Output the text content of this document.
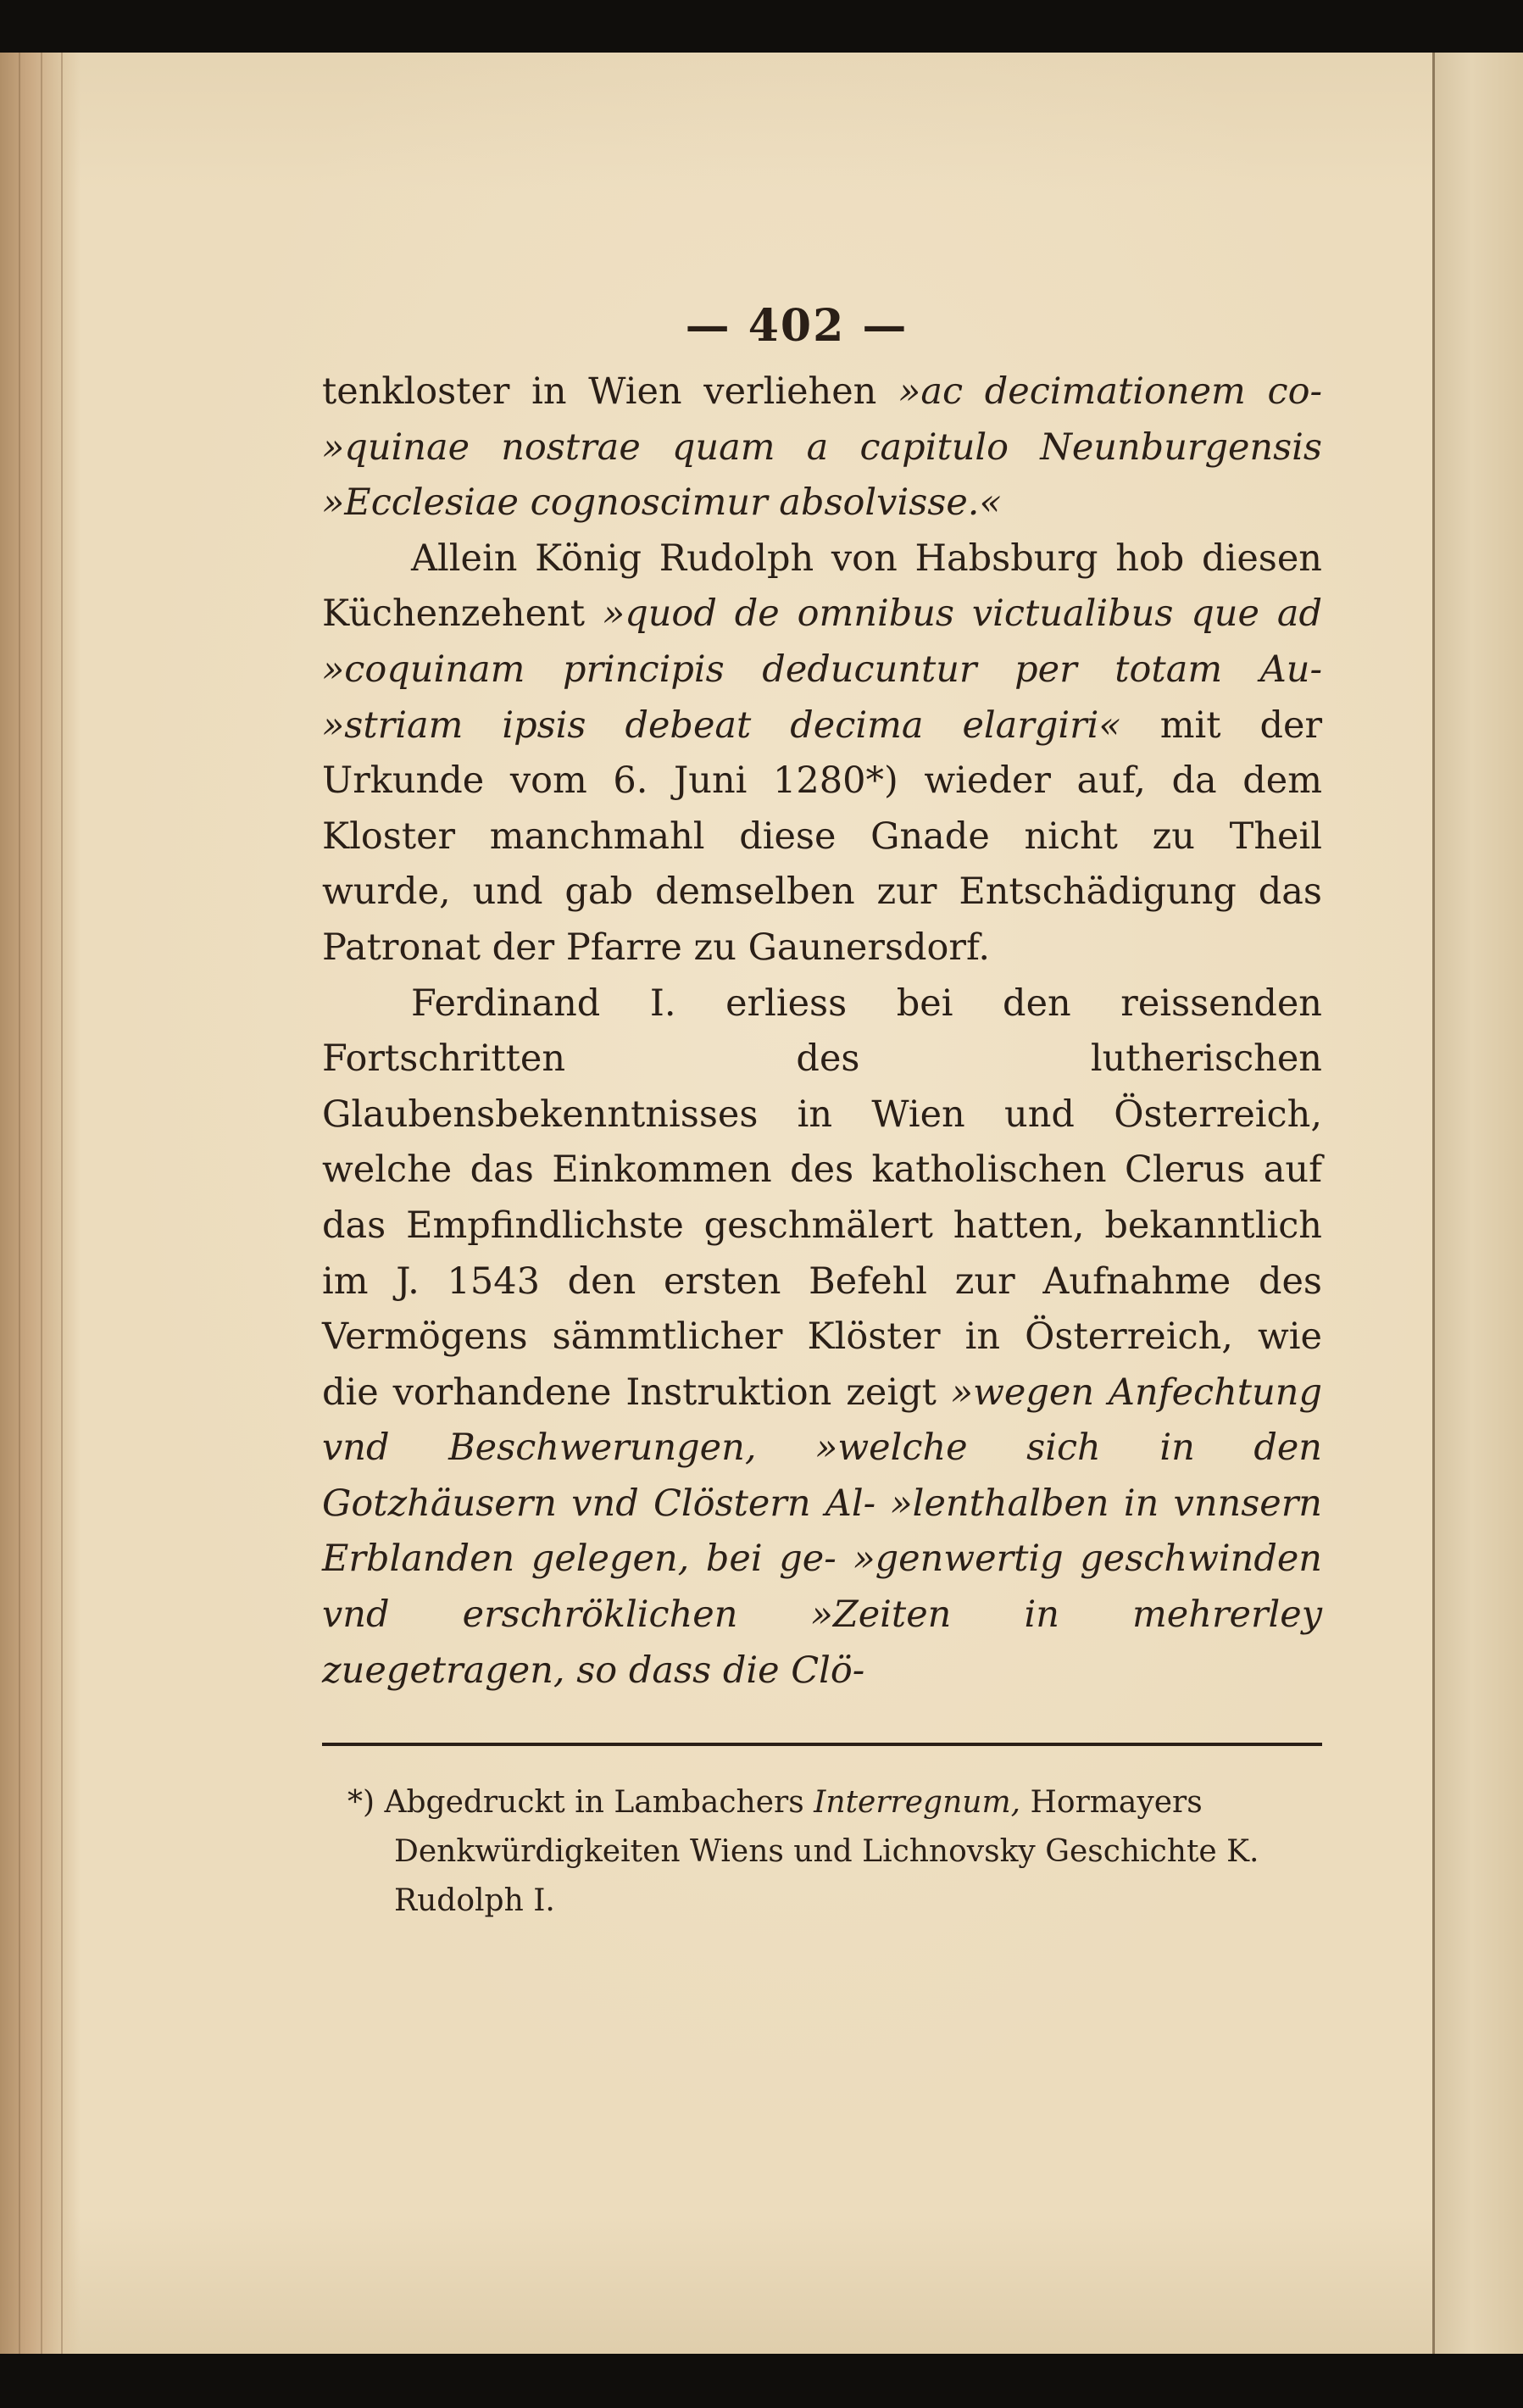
— 402 —

tenkloster in Wien verliehen »ac decimationem co- »quinae nostrae quam a capitulo Neunburgensis »Ecclesiae cognoscimur absolvisse.«

Allein König Rudolph von Habsburg hob diesen Küchenzehent »quod de omnibus victualibus que ad »coquinam principis deducuntur per totam Au- »striam ipsis debeat decima elargiri« mit der Urkunde vom 6. Juni 1280*) wieder auf, da dem Kloster manchmahl diese Gnade nicht zu Theil wurde, und gab demselben zur Entschädigung das Patronat der Pfarre zu Gaunersdorf.

Ferdinand I. erliess bei den reissenden Fortschritten des lutherischen Glaubensbekenntnisses in Wien und Österreich, welche das Einkommen des katholischen Clerus auf das Empfindlichste geschmälert hatten, bekanntlich im J. 1543 den ersten Befehl zur Aufnahme des Vermögens sämmtlicher Klöster in Österreich, wie die vorhandene Instruktion zeigt »wegen Anfechtung vnd Beschwerungen, »welche sich in den Gotzhäusern vnd Clöstern Al- »lenthalben in vnnsern Erblanden gelegen, bei ge- »genwertig geschwinden vnd erschröklichen »Zeiten in mehrerley zuegetragen, so dass die Clö-

*) Abgedruckt in Lambachers Interregnum, Hormayers Denkwürdigkeiten Wiens und Lichnovsky Geschichte K. Rudolph I.
